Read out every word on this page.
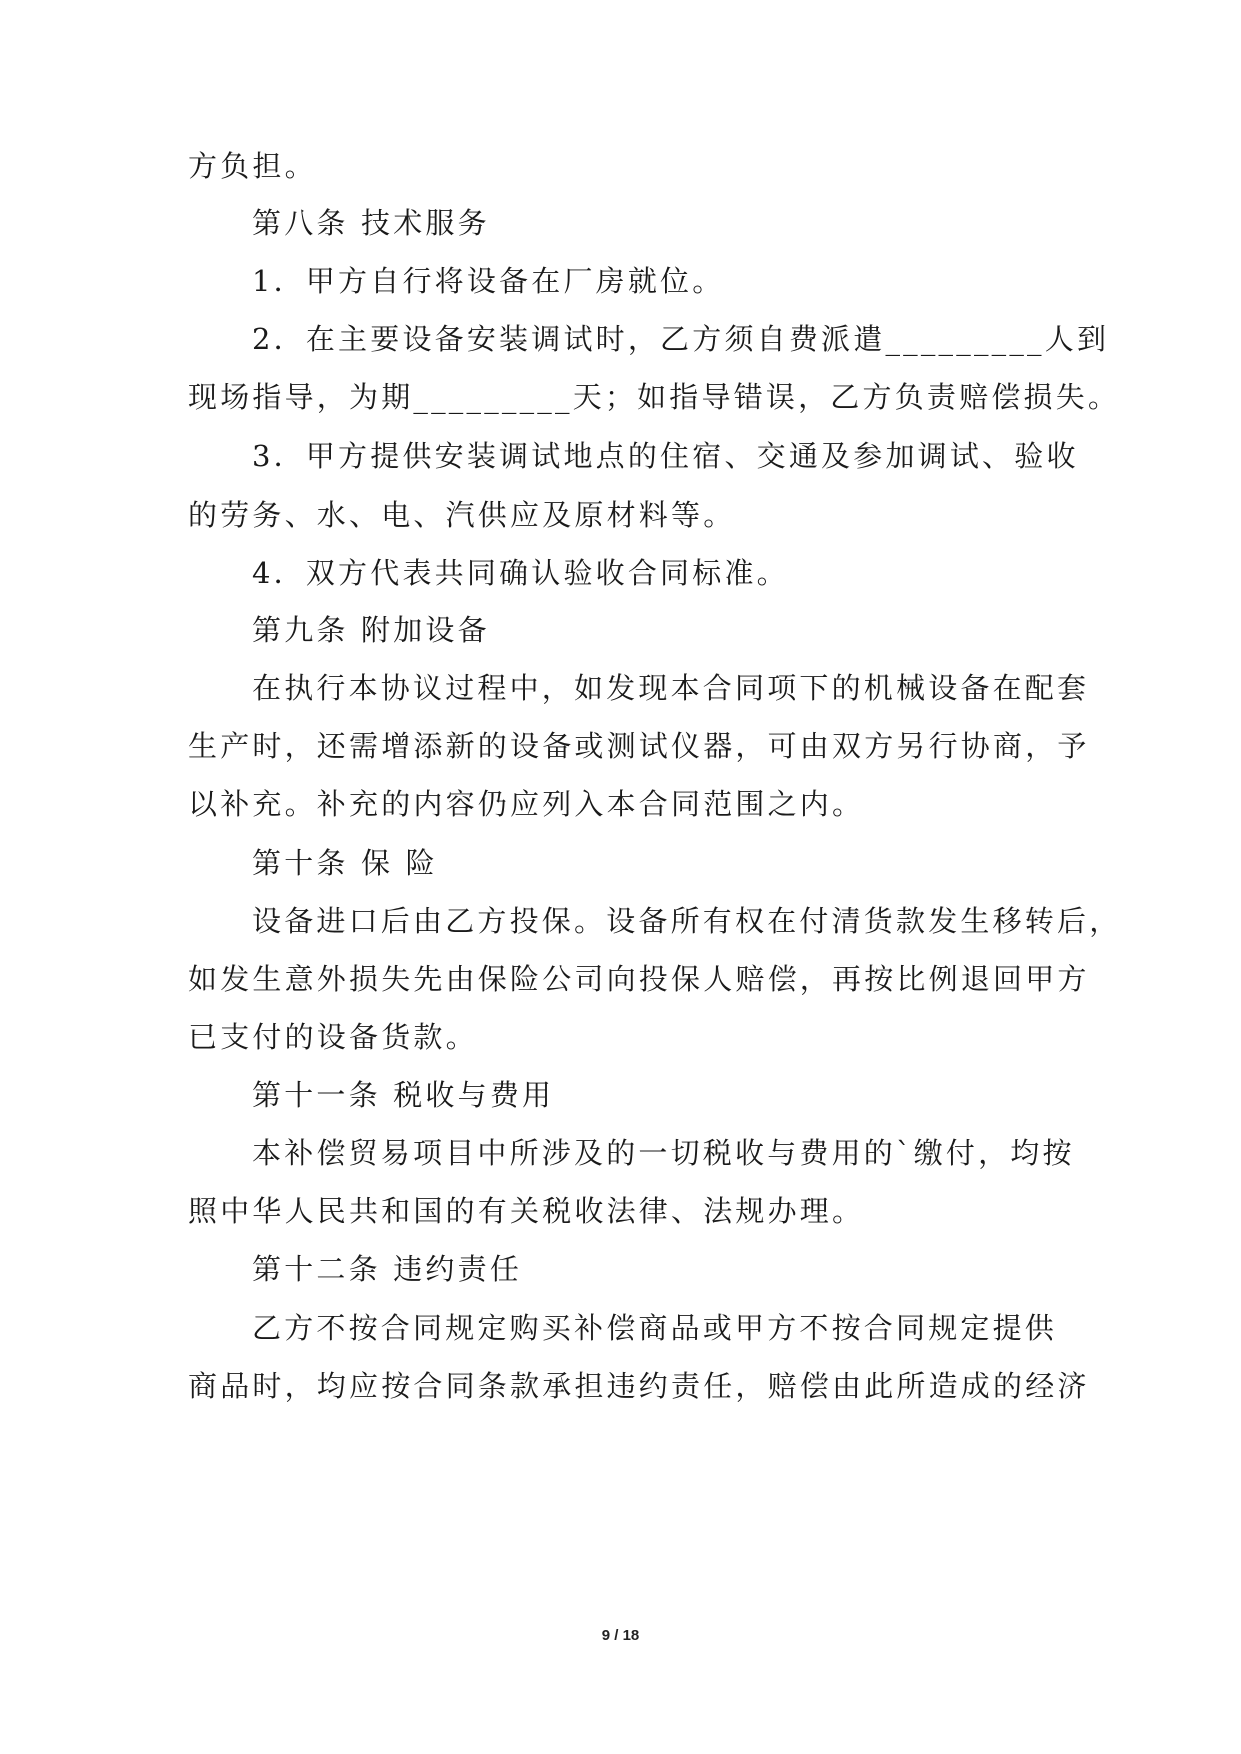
方负担。
第八条 技术服务
1．甲方自行将设备在厂房就位。
2．在主要设备安装调试时，乙方须自费派遣_________人到
现场指导，为期_________天；如指导错误，乙方负责赔偿损失。
3．甲方提供安装调试地点的住宿、交通及参加调试、验收
的劳务、水、电、汽供应及原材料等。
4．双方代表共同确认验收合同标准。
第九条 附加设备
在执行本协议过程中，如发现本合同项下的机械设备在配套
生产时，还需增添新的设备或测试仪器，可由双方另行协商，予
以补充。补充的内容仍应列入本合同范围之内。
第十条 保 险
设备进口后由乙方投保。设备所有权在付清货款发生移转后，
如发生意外损失先由保险公司向投保人赔偿，再按比例退回甲方
已支付的设备货款。
第十一条 税收与费用
本补偿贸易项目中所涉及的一切税收与费用的`缴付，均按
照中华人民共和国的有关税收法律、法规办理。
第十二条 违约责任
乙方不按合同规定购买补偿商品或甲方不按合同规定提供
商品时，均应按合同条款承担违约责任，赔偿由此所造成的经济
9 / 18
